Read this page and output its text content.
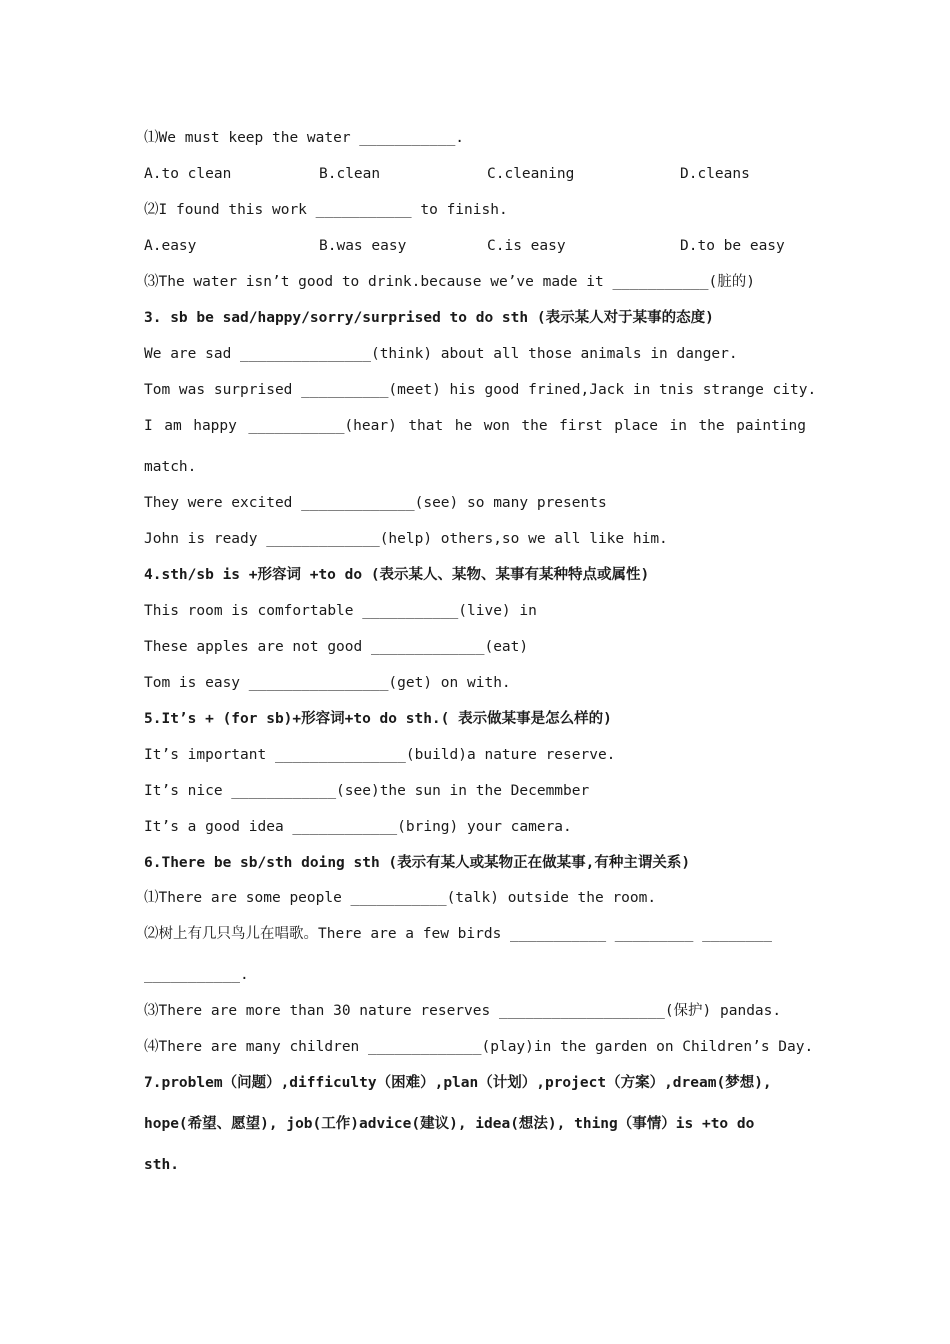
⑴We must keep the water ___________.

A.to clean	B.clean	C.cleaning	D.cleans

⑵I found this work ___________ to finish.

A.easy	B.was easy	C.is easy	D.to be easy

⑶The water isn’t good to drink.because we’ve made it ___________(脏的)

3. sb be sad/happy/sorry/surprised to do sth (表示某人对于某事的态度)

We are sad _______________(think) about all those animals in danger.

Tom was surprised __________(meet) his good frined,Jack in tnis strange city.

I am happy ___________(hear) that he won the first place in the painting

match.

They were excited _____________(see) so many presents

John is ready _____________(help) others,so we all like him.

4.sth/sb is +形容词 +to do (表示某人、某物、某事有某种特点或属性)

This room is comfortable ___________(live) in

These apples are not good _____________(eat)

Tom is easy ________________(get) on with.

5.It’s + (for sb)+形容词+to do sth.( 表示做某事是怎么样的)

It’s important _______________(build)a nature reserve.

It’s nice ____________(see)the sun in the Decemmber

It’s a good idea ____________(bring) your camera.

6.There be sb/sth doing sth (表示有某人或某物正在做某事,有种主谓关系)

⑴There are some people ___________(talk) outside the room.

⑵树上有几只鸟儿在唱歌。There are a few birds ___________ _________ ________

___________.

⑶There are more than 30 nature reserves ___________________(保护) pandas.

⑷There are many children _____________(play)in the garden on Children’s Day.

7.problem（问题）,difficulty（困难）,plan（计划）,project（方案）,dream(梦想),

hope(希望、愿望), job(工作)advice(建议), idea(想法), thing（事情）is +to do

sth.
